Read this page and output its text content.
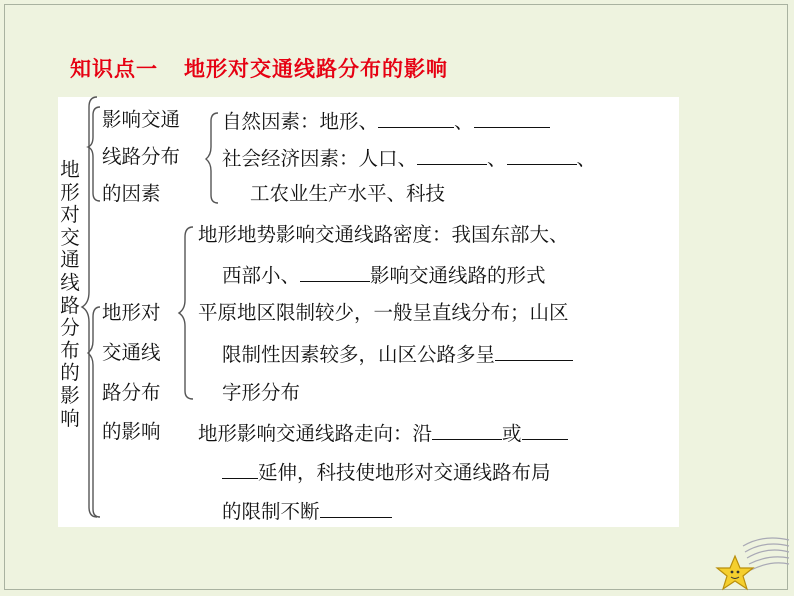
知识点一 地形对交通线路分布的影响
地
形
对
交
通
线
路
分
布
的
影
响
影响交通
线路分布
的因素
自然因素：地形、	、
社会经济因素：人口、	、	、
工农业生产水平、科技
地形对
交通线
路分布
的影响
地形地势影响交通线路密度：我国东部大、
西部小、	影响交通线路的形式
平原地区限制较少，一般呈直线分布；山区
限制性因素较多，山区公路多呈
字形分布
地形影响交通线路走向：沿	或
延伸，科技使地形对交通线路布局
的限制不断
